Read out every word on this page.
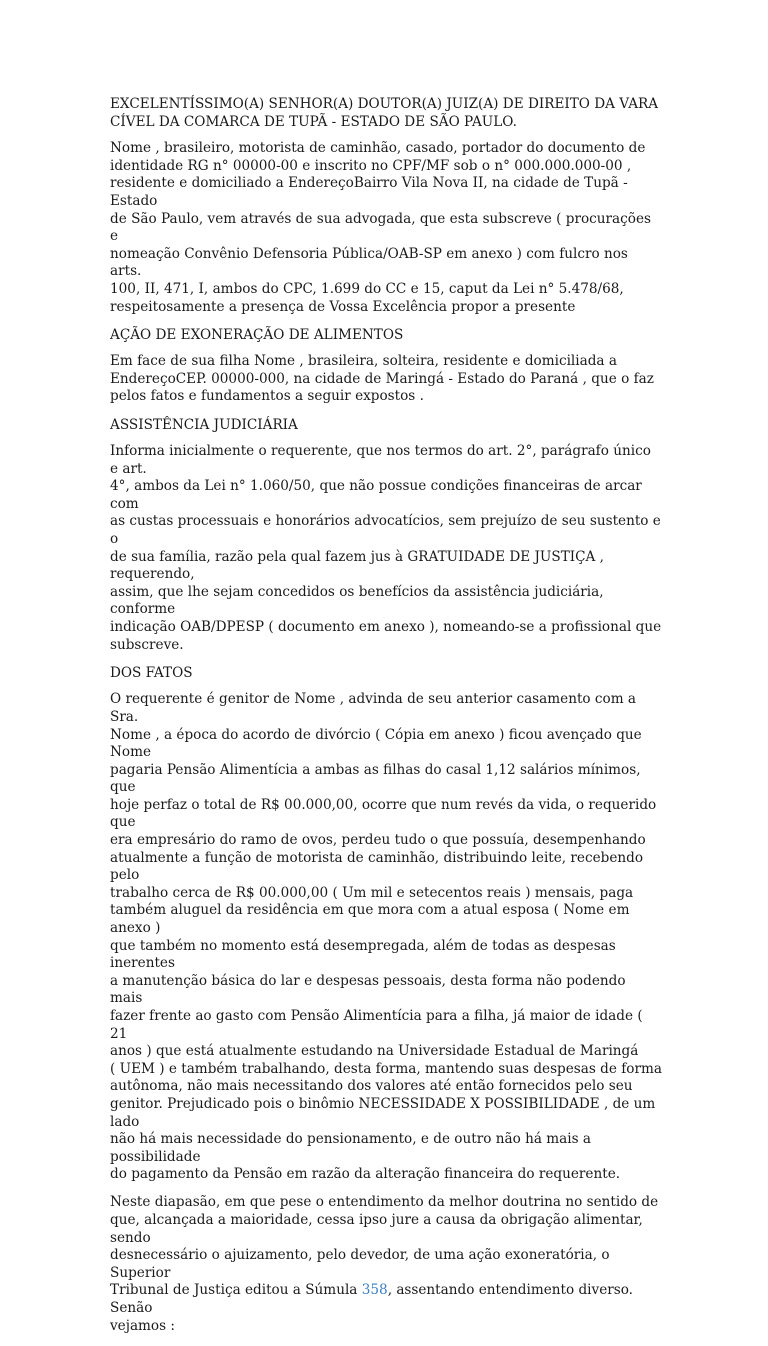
EXCELENTÍSSIMO(A) SENHOR(A) DOUTOR(A) JUIZ(A) DE DIREITO DA VARA
CÍVEL DA COMARCA DE TUPÃ - ESTADO DE SÃO PAULO.

Nome , brasileiro, motorista de caminhão, casado, portador do documento de
identidade RG n° 00000-00 e inscrito no CPF/MF sob o n° 000.000.000-00 ,
residente e domiciliado a EndereçoBairro Vila Nova II, na cidade de Tupã - Estado
de São Paulo, vem através de sua advogada, que esta subscreve ( procurações e
nomeação Convênio Defensoria Pública/OAB-SP em anexo ) com fulcro nos arts.
100, II, 471, I, ambos do CPC, 1.699 do CC e 15, caput da Lei n° 5.478/68,
respeitosamente a presença de Vossa Excelência propor a presente

AÇÃO DE EXONERAÇÃO DE ALIMENTOS

Em face de sua filha Nome , brasileira, solteira, residente e domiciliada a
EndereçoCEP. 00000-000, na cidade de Maringá - Estado do Paraná , que o faz
pelos fatos e fundamentos a seguir expostos .

ASSISTÊNCIA JUDICIÁRIA

Informa inicialmente o requerente, que nos termos do art. 2°, parágrafo único e art.
4°, ambos da Lei n° 1.060/50, que não possue condições financeiras de arcar com
as custas processuais e honorários advocatícios, sem prejuízo de seu sustento e o
de sua família, razão pela qual fazem jus à GRATUIDADE DE JUSTIÇA , requerendo,
assim, que lhe sejam concedidos os benefícios da assistência judiciária, conforme
indicação OAB/DPESP ( documento em anexo ), nomeando-se a profissional que
subscreve.

DOS FATOS

O requerente é genitor de Nome , advinda de seu anterior casamento com a Sra.
Nome , a época do acordo de divórcio ( Cópia em anexo ) ficou avençado que Nome
pagaria Pensão Alimentícia a ambas as filhas do casal 1,12 salários mínimos, que
hoje perfaz o total de R$ 00.000,00, ocorre que num revés da vida, o requerido que
era empresário do ramo de ovos, perdeu tudo o que possuía, desempenhando
atualmente a função de motorista de caminhão, distribuindo leite, recebendo pelo
trabalho cerca de R$ 00.000,00 ( Um mil e setecentos reais ) mensais, paga
também aluguel da residência em que mora com a atual esposa ( Nome em anexo )
que também no momento está desempregada, além de todas as despesas inerentes
a manutenção básica do lar e despesas pessoais, desta forma não podendo mais
fazer frente ao gasto com Pensão Alimentícia para a filha, já maior de idade ( 21
anos ) que está atualmente estudando na Universidade Estadual de Maringá
( UEM ) e também trabalhando, desta forma, mantendo suas despesas de forma
autônoma, não mais necessitando dos valores até então fornecidos pelo seu
genitor. Prejudicado pois o binômio NECESSIDADE X POSSIBILIDADE , de um lado
não há mais necessidade do pensionamento, e de outro não há mais a possibilidade
do pagamento da Pensão em razão da alteração financeira do requerente.

Neste diapasão, em que pese o entendimento da melhor doutrina no sentido de
que, alcançada a maioridade, cessa ipso jure a causa da obrigação alimentar, sendo
desnecessário o ajuizamento, pelo devedor, de uma ação exoneratória, o Superior
Tribunal de Justiça editou a Súmula 358, assentando entendimento diverso. Senão
vejamos :
